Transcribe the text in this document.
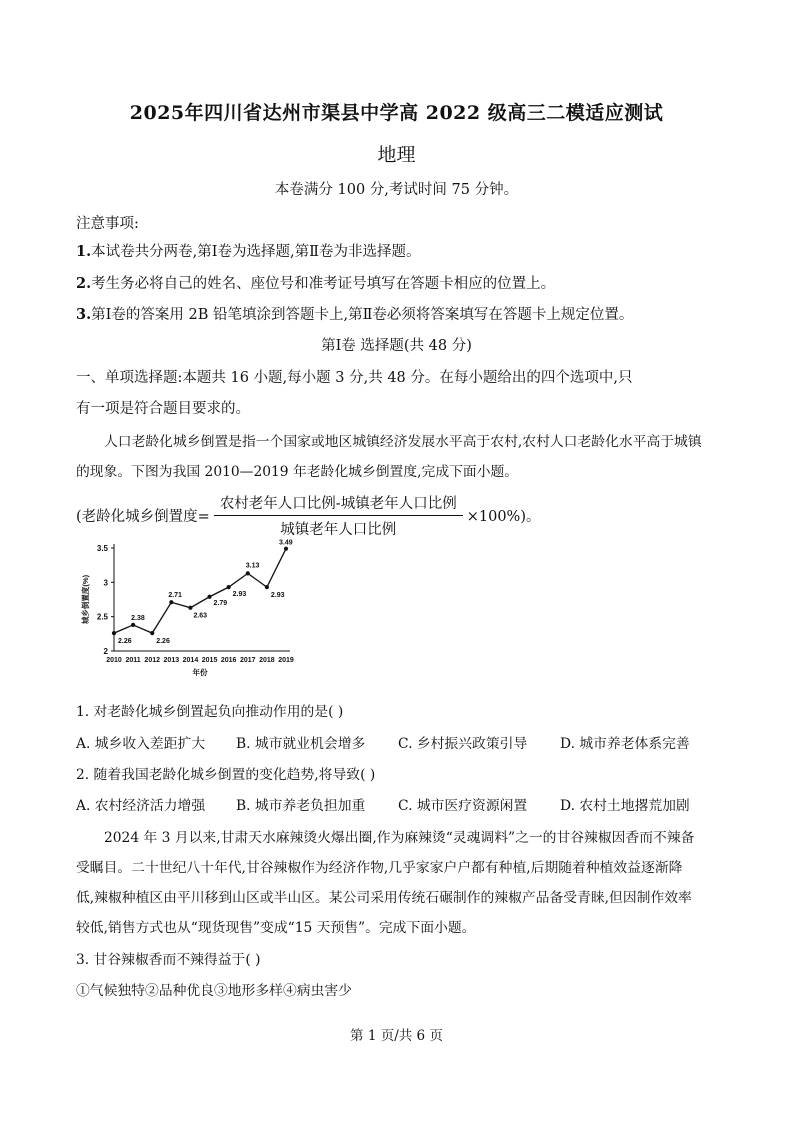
2025年四川省达州市渠县中学高 2022 级高三二模适应测试
地理
本卷满分 100 分,考试时间 75 分钟。
注意事项:
1.本试卷共分两卷,第Ⅰ卷为选择题,第Ⅱ卷为非选择题。
2.考生务必将自己的姓名、座位号和准考证号填写在答题卡相应的位置上。
3.第Ⅰ卷的答案用 2B 铅笔填涂到答题卡上,第Ⅱ卷必须将答案填写在答题卡上规定位置。
第Ⅰ卷 选择题(共 48 分)
一、单项选择题:本题共 16 小题,每小题 3 分,共 48 分。在每小题给出的四个选项中,只
有一项是符合题目要求的。
人口老龄化城乡倒置是指一个国家或地区城镇经济发展水平高于农村,农村人口老龄化水平高于城镇
的现象。下图为我国 2010—2019 年老龄化城乡倒置度,完成下面小题。
(老龄化城乡倒置度= $\frac{\text{农村老年人口比例-城镇老年人口比例}}{\text{城镇老年人口比例}} \times 100\%$)。
2
2.5
3
3.5
2010 2011 2012 2013 2014 2015 2016 2017 2018 2019
年份
城乡倒置度(%)
2.26
2.38
2.26
2.71
2.63
2.79
2.93
3.13
2.93
3.49
1. 对老龄化城乡倒置起负向推动作用的是( )
A. 城乡收入差距扩大 B. 城市就业机会增多 C. 乡村振兴政策引导 D. 城市养老体系完善
2. 随着我国老龄化城乡倒置的变化趋势,将导致( )
A. 农村经济活力增强 B. 城市养老负担加重 C. 城市医疗资源闲置 D. 农村土地撂荒加剧
2024 年 3 月以来,甘肃天水麻辣烫火爆出圈,作为麻辣烫“灵魂调料”之一的甘谷辣椒因香而不辣备
受瞩目。二十世纪八十年代,甘谷辣椒作为经济作物,几乎家家户户都有种植,后期随着种植效益逐渐降
低,辣椒种植区由平川移到山区或半山区。某公司采用传统石碾制作的辣椒产品备受青睐,但因制作效率
较低,销售方式也从“现货现售”变成“15 天预售”。完成下面小题。
3. 甘谷辣椒香而不辣得益于( )
①气候独特②品种优良③地形多样④病虫害少
第 1 页/共 6 页
